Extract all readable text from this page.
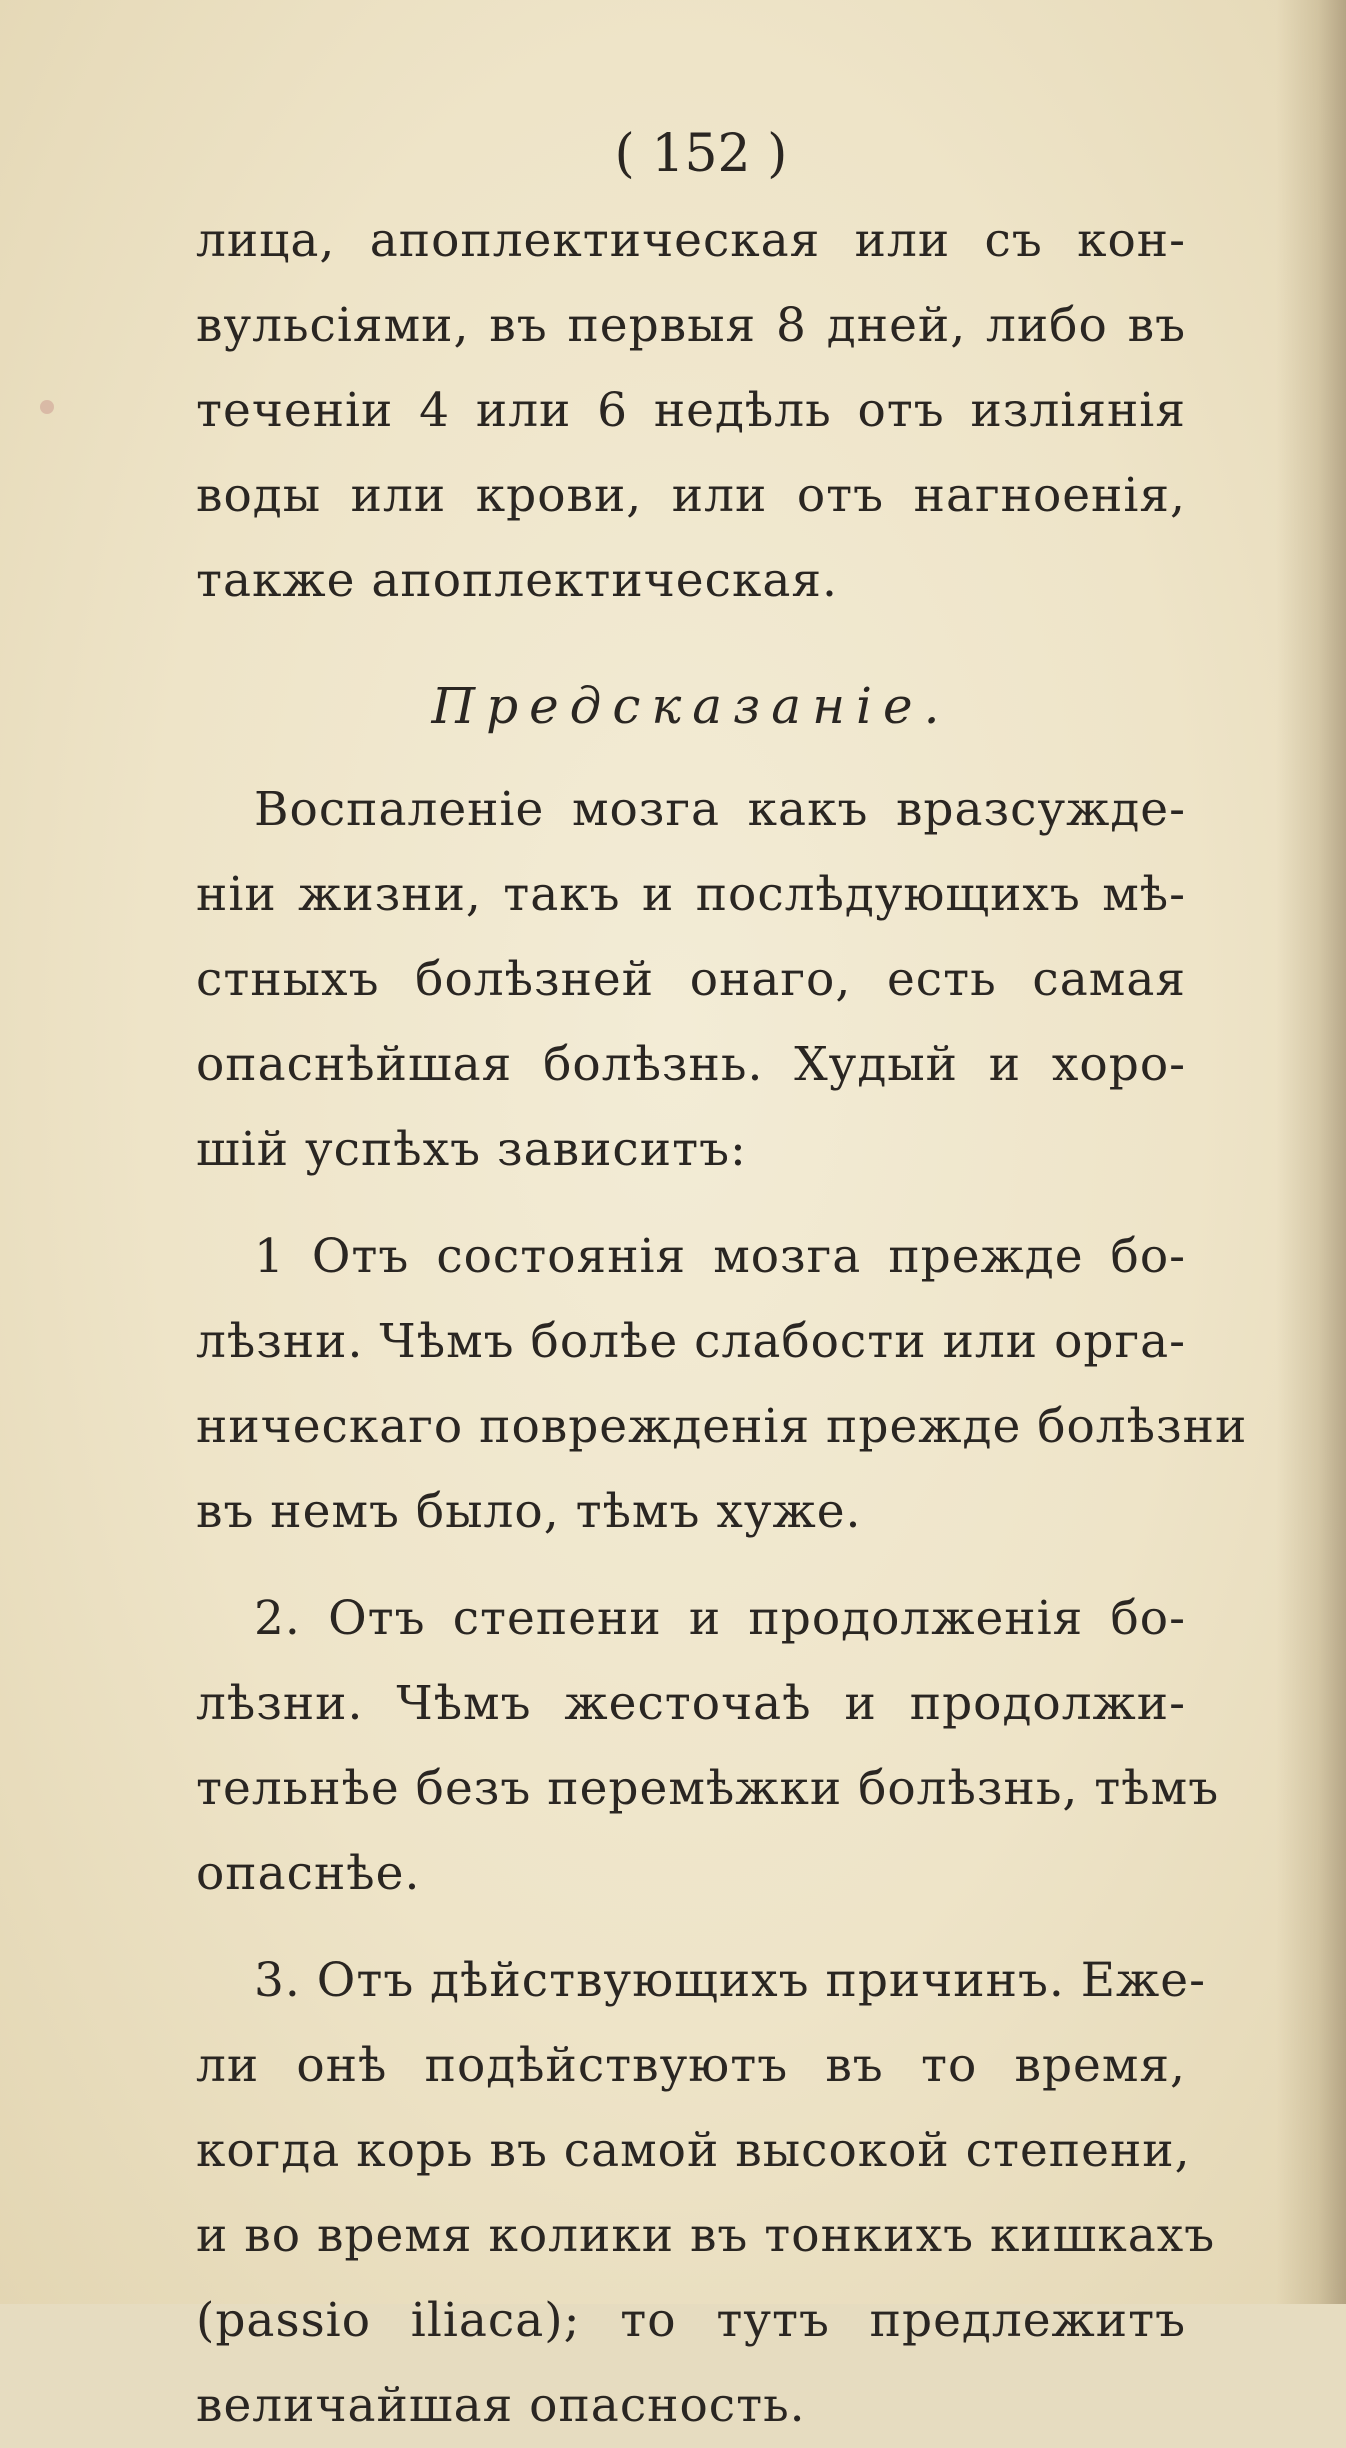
( 152 )
лица, апоплектическая или съ кон-
вульсіями, въ первыя 8 дней, либо въ
теченіи 4 или 6 недѣль отъ изліянія
воды или крови, или отъ нагноенія,
также апоплектическая.
Предсказаніе.
Воспаленіе мозга какъ вразсужде-
ніи жизни, такъ и послѣдующихъ мѣ-
стныхъ болѣзней онаго, есть самая
опаснѣйшая болѣзнь. Худый и хоро-
шій успѣхъ зависитъ:
1 Отъ состоянія мозга прежде бо-
лѣзни. Чѣмъ болѣе слабости или орга-
ническаго поврежденія прежде болѣзни
въ немъ было, тѣмъ хуже.
2. Отъ степени и продолженія бо-
лѣзни. Чѣмъ жесточаѣ и продолжи-
тельнѣе безъ перемѣжки болѣзнь, тѣмъ
опаснѣе.
3. Отъ дѣйствующихъ причинъ. Еже-
ли онѣ подѣйствуютъ въ то время,
когда корь въ самой высокой степени,
и во время колики въ тонкихъ кишкахъ
(passio iliaca); то тутъ предлежитъ
величайшая опасность.
